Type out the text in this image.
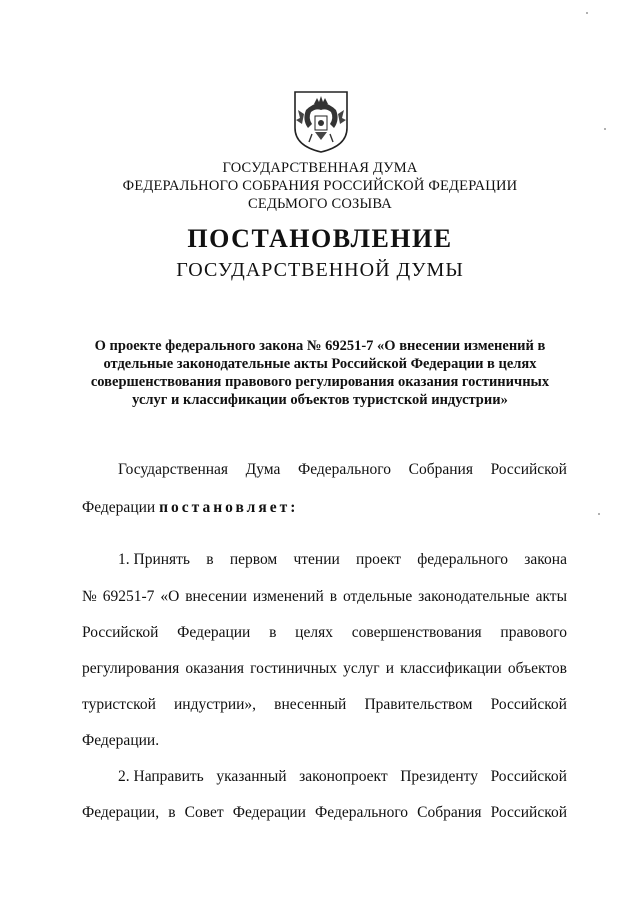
ГОСУДАРСТВЕННАЯ ДУМА
ФЕДЕРАЛЬНОГО СОБРАНИЯ РОССИЙСКОЙ ФЕДЕРАЦИИ
СЕДЬМОГО СОЗЫВА
ПОСТАНОВЛЕНИЕ
ГОСУДАРСТВЕННОЙ ДУМЫ
О проекте федерального закона № 69251-7 «О внесении изменений в
отдельные законодательные акты Российской Федерации в целях
совершенствования правового регулирования оказания гостиничных
услуг и классификации объектов туристской индустрии»
Государственная Дума Федерального Собрания Российской
Федерации постановляет:
1. Принять в первом чтении проект федерального закона
№ 69251-7 «О внесении изменений в отдельные законодательные акты
Российской Федерации в целях совершенствования правового
регулирования оказания гостиничных услуг и классификации объектов
туристской индустрии», внесенный Правительством Российской
Федерации.
2. Направить указанный законопроект Президенту Российской
Федерации, в Совет Федерации Федерального Собрания Российской
